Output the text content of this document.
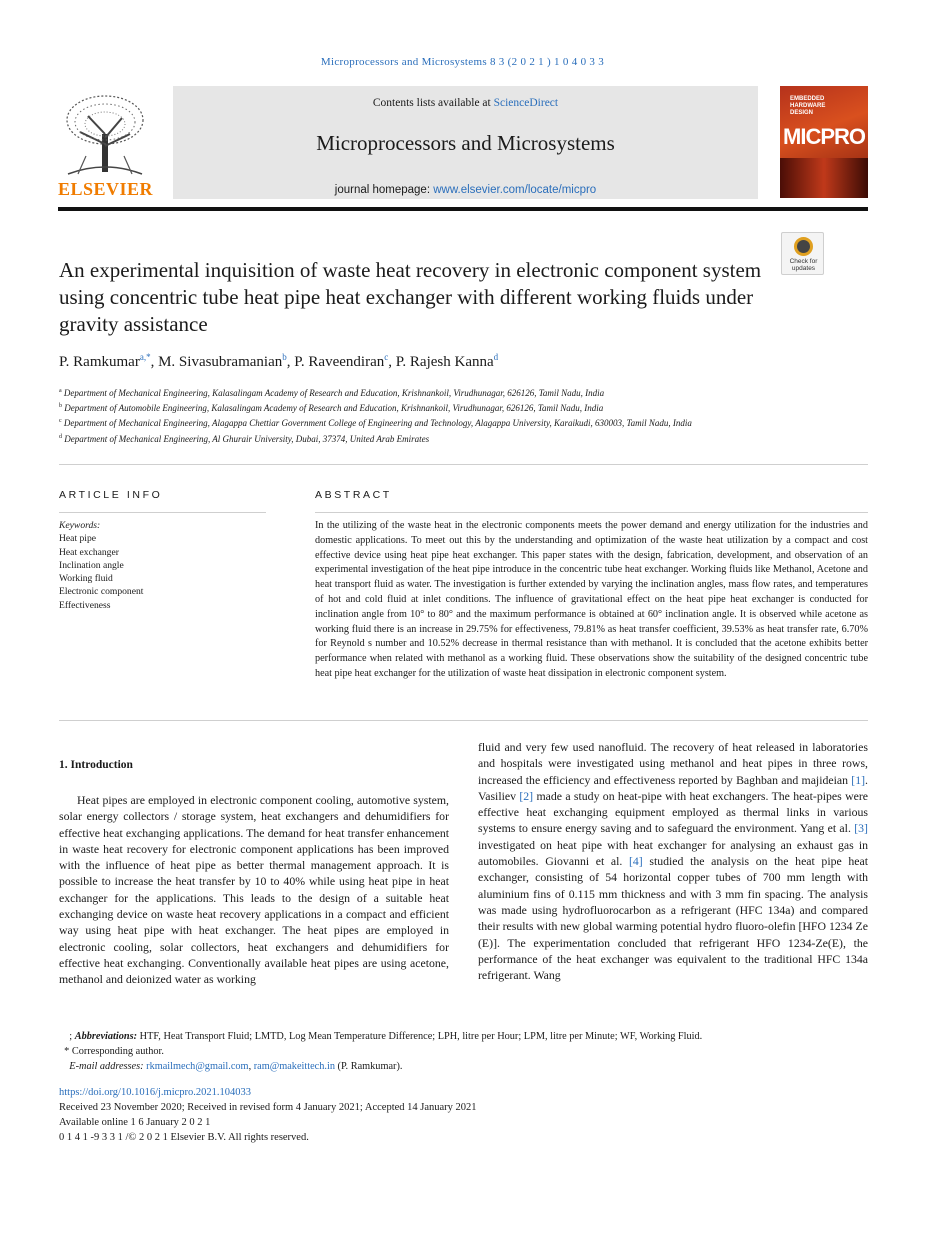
Microprocessors and Microsystems 8 3 (2 0 2 1 ) 1 0 4 0 3 3
ELSEVIER
Contents lists available at ScienceDirect
Microprocessors and Microsystems
journal homepage: www.elsevier.com/locate/micpro
EMBEDDED HARDWARE DESIGN
MICPRO
Check for updates
An experimental inquisition of waste heat recovery in electronic component system using concentric tube heat pipe heat exchanger with different working fluids under gravity assistance
P. Ramkumar$^{a,*}$, M. Sivasubramanian$^b$, P. Raveendiran$^c$, P. Rajesh Kanna$^d$
$^a$ Department of Mechanical Engineering, Kalasalingam Academy of Research and Education, Krishnankoil, Virudhunagar, 626126, Tamil Nadu, India
$^b$ Department of Automobile Engineering, Kalasalingam Academy of Research and Education, Krishnankoil, Virudhunagar, 626126, Tamil Nadu, India
$^c$ Department of Mechanical Engineering, Alagappa Chettiar Government College of Engineering and Technology, Alagappa University, Karaikudi, 630003, Tamil Nadu, India
$^d$ Department of Mechanical Engineering, Al Ghurair University, Dubai, 37374, United Arab Emirates
ARTICLE INFO
Keywords:
Heat pipe
Heat exchanger
Inclination angle
Working fluid
Electronic component
Effectiveness
ABSTRACT
In the utilizing of the waste heat in the electronic components meets the power demand and energy utilization for the industries and domestic applications. To meet out this by the understanding and optimization of the waste heat utilization by a compact and cost effective device using heat pipe heat exchanger. This paper states with the design, fabrication, development, and observation of an experimental investigation of the heat pipe introduce in the concentric tube heat exchanger. Working fluids like Methanol, Acetone and heat transport fluid as water. The investigation is further extended by varying the inclination angles, mass flow rates, and temperatures of hot and cold fluid at inlet conditions. The influence of gravitational effect on the heat pipe heat exchanger is conducted for inclination angle from 10° to 80° and the maximum performance is obtained at 60° inclination angle. It is observed while acetone as working fluid there is an increase in 29.75% for effectiveness, 79.81% as heat transfer coefficient, 39.53% as heat transfer rate, 6.70% for Reynold s number and 10.52% decrease in thermal resistance than with methanol. It is concluded that the acetone exhibits better performance when related with methanol as a working fluid. These observations show the suitability of the designed concentric tube heat pipe heat exchanger for the utilization of waste heat dissipation in electronic component system.
1. Introduction
Heat pipes are employed in electronic component cooling, automotive system, solar energy collectors / storage system, heat exchangers and dehumidifiers for effective heat exchanging applications. The demand for heat transfer enhancement in waste heat recovery for electronic component applications has been improved with the influence of heat pipe as better thermal management approach. It is possible to increase the heat transfer by 10 to 40% while using heat pipe in heat exchanger for the applications. This leads to the design of a suitable heat exchanging device on waste heat recovery applications in a compact and efficient way using heat pipe with heat exchanger. The heat pipes are employed in electronic cooling, solar collectors, heat exchangers and dehumidifiers for effective heat exchanging. Conventionally available heat pipes are using acetone, methanol and deionized water as working
fluid and very few used nanofluid. The recovery of heat released in laboratories and hospitals were investigated using methanol and heat pipes in three rows, increased the efficiency and effectiveness reported by Baghban and majideian [1]. Vasiliev [2] made a study on heat-pipe with heat exchangers. The heat-pipes were effective heat exchanging equipment employed as thermal links in various systems to ensure energy saving and to safeguard the environment. Yang et al. [3] investigated on heat pipe with heat exchanger for analysing an exhaust gas in automobiles. Giovanni et al. [4] studied the analysis on the heat pipe heat exchanger, consisting of 54 horizontal copper tubes of 700 mm length with aluminium fins of 0.115 mm thickness and with 3 mm fin spacing. The analysis was made using hydrofluorocarbon as a refrigerant (HFC 134a) and compared their results with new global warming potential hydro fluoro-olefin [HFO 1234 Ze (E)]. The experimentation concluded that refrigerant HFO 1234-Ze(E), the performance of the heat exchanger was equivalent to the traditional HFC 134a refrigerant. Wang
; Abbreviations: HTF, Heat Transport Fluid; LMTD, Log Mean Temperature Difference; LPH, litre per Hour; LPM, litre per Minute; WF, Working Fluid.
* Corresponding author.
E-mail addresses: rkmailmech@gmail.com, ram@makeittech.in (P. Ramkumar).
https://doi.org/10.1016/j.micpro.2021.104033
Received 23 November 2020; Received in revised form 4 January 2021; Accepted 14 January 2021
Available online 1 6 January 2 0 2 1
0 1 4 1 -9 3 3 1 /© 2 0 2 1 Elsevier B.V. All rights reserved.
